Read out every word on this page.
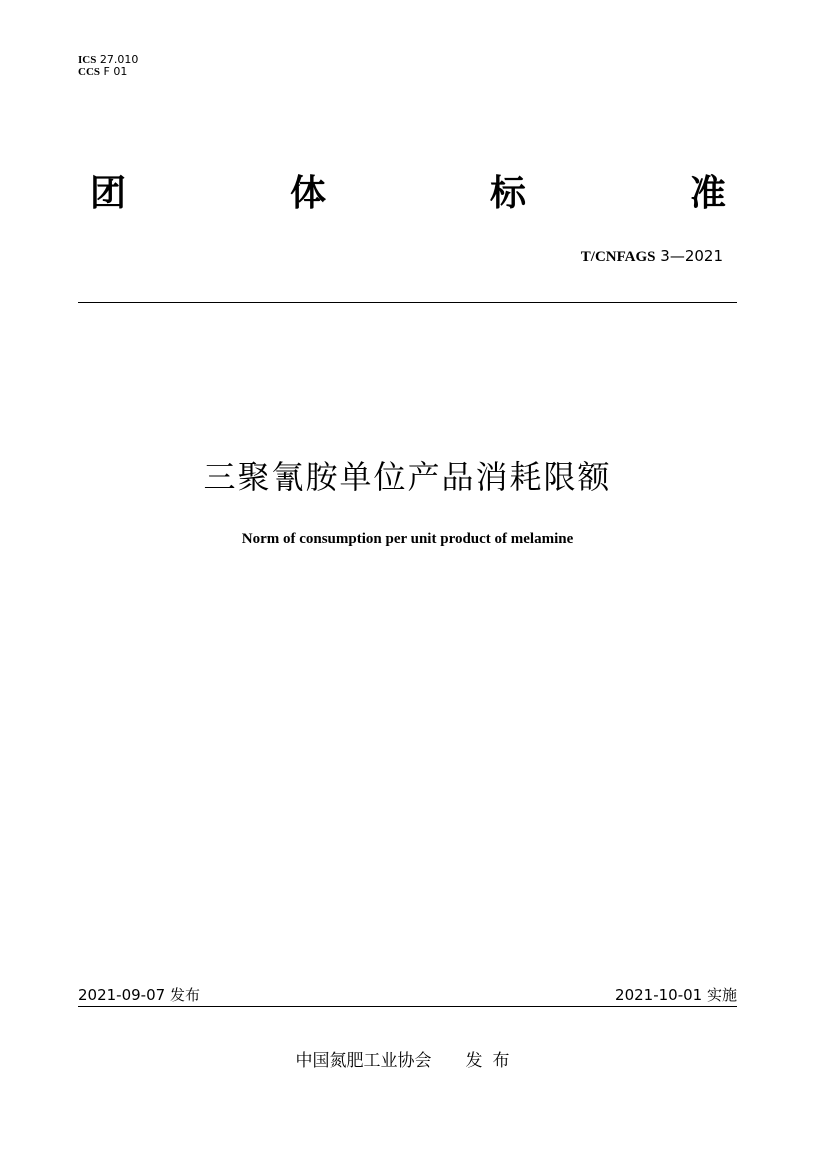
ICS 27.010
CCS F 01
团	体	标	准
T/CNFAGS 3—2021
三聚氰胺单位产品消耗限额
Norm of consumption per unit product of melamine
2021-09-07 发布	2021-10-01 实施
中国氮肥工业协会 发布
